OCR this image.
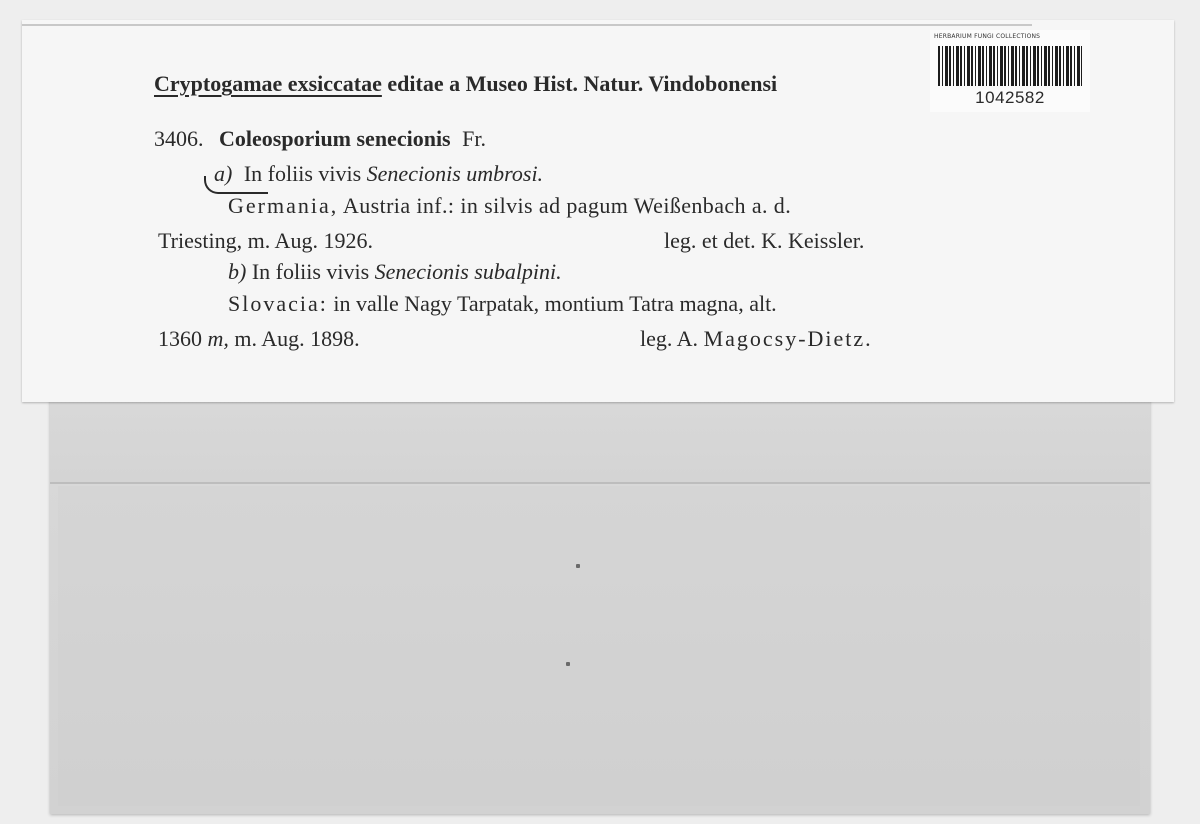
Cryptogamae exsiccatae editae a Museo Hist. Natur. Vindobonensi
3406. Coleosporium senecionis Fr.
a) In foliis vivis Senecionis umbrosi.
Germania, Austria inf.: in silvis ad pagum Weißenbach a. d.
Triesting, m. Aug. 1926.	leg. et det. K. Keissler.
b) In foliis vivis Senecionis subalpini.
Slovacia: in valle Nagy Tarpatak, montium Tatra magna, alt.
1360 m, m. Aug. 1898.	leg. A. Magocsy-Dietz.
HERBARIUM FUNGI COLLECTIONS
1042582
